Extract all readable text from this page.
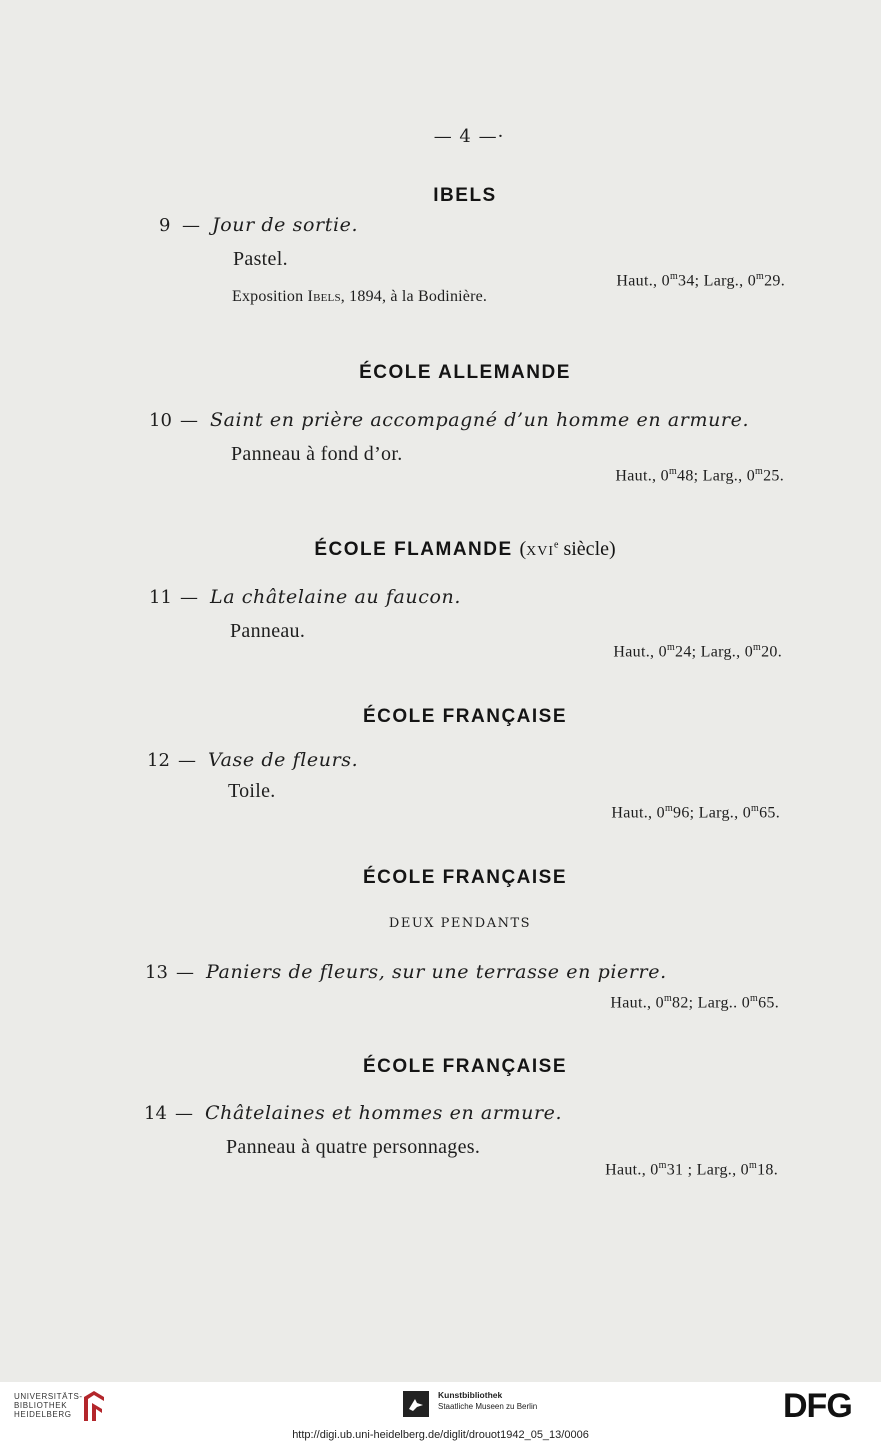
— 4 —·
IBELS
9 — Jour de sortie.
Pastel.
Haut., 0$^m$34; Larg., 0$^m$29.
Exposition Ibels, 1894, à la Bodinière.
ÉCOLE ALLEMANDE
10 — Saint en prière accompagné d’un homme en armure.
Panneau à fond d’or.
Haut., 0$^m$48; Larg., 0$^m$25.
ÉCOLE FLAMANDE (XVIe siècle)
11 — La châtelaine au faucon.
Panneau.
Haut., 0$^m$24; Larg., 0$^m$20.
ÉCOLE FRANÇAISE
12 — Vase de fleurs.
Toile.
Haut., 0$^m$96; Larg., 0$^m$65.
ÉCOLE FRANÇAISE
DEUX PENDANTS
13 — Paniers de fleurs, sur une terrasse en pierre.
Haut., 0$^m$82; Larg.. 0$^m$65.
ÉCOLE FRANÇAISE
14 — Châtelaines et hommes en armure.
Panneau à quatre personnages.
Haut., 0$^m$31 ; Larg., 0$^m$18.
UNIVERSITÄTS-
BIBLIOTHEK
HEIDELBERG
Kunstbibliothek
Staatliche Museen zu Berlin	DFG
http://digi.ub.uni-heidelberg.de/diglit/drouot1942_05_13/0006
